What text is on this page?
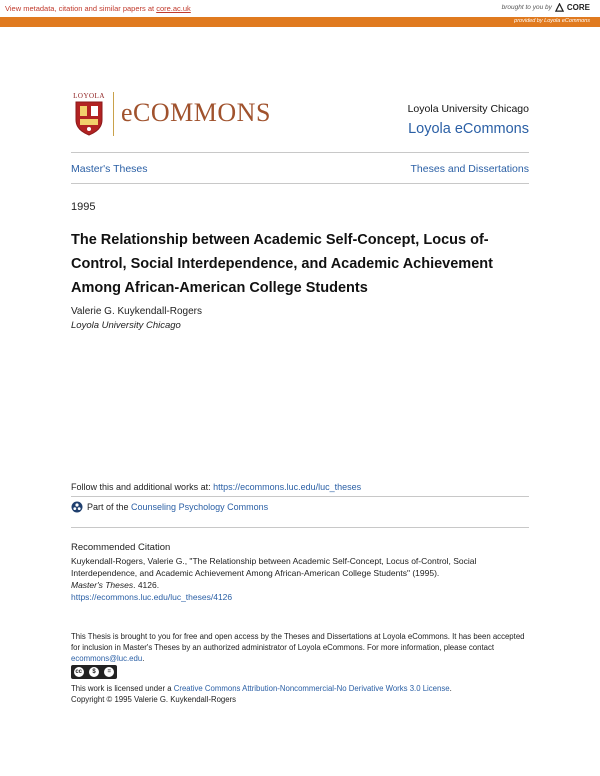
View metadata, citation and similar papers at core.ac.uk	brought to you by CORE
provided by Loyola eCommons
LOYOLA
eCOMMONS	Loyola University Chicago
Loyola eCommons
Master's Theses	Theses and Dissertations
1995
The Relationship between Academic Self-Concept, Locus of-Control, Social Interdependence, and Academic Achievement Among African-American College Students
Valerie G. Kuykendall-Rogers
Loyola University Chicago
Follow this and additional works at: https://ecommons.luc.edu/luc_theses
Part of the Counseling Psychology Commons
Recommended Citation
Kuykendall-Rogers, Valerie G., "The Relationship between Academic Self-Concept, Locus of-Control, Social Interdependence, and Academic Achievement Among African-American College Students" (1995).
Master's Theses. 4126.
https://ecommons.luc.edu/luc_theses/4126
This Thesis is brought to you for free and open access by the Theses and Dissertations at Loyola eCommons. It has been accepted for inclusion in Master's Theses by an authorized administrator of Loyola eCommons. For more information, please contact ecommons@luc.edu.
cc	$	=
This work is licensed under a Creative Commons Attribution-Noncommercial-No Derivative Works 3.0 License.
Copyright © 1995 Valerie G. Kuykendall-Rogers
